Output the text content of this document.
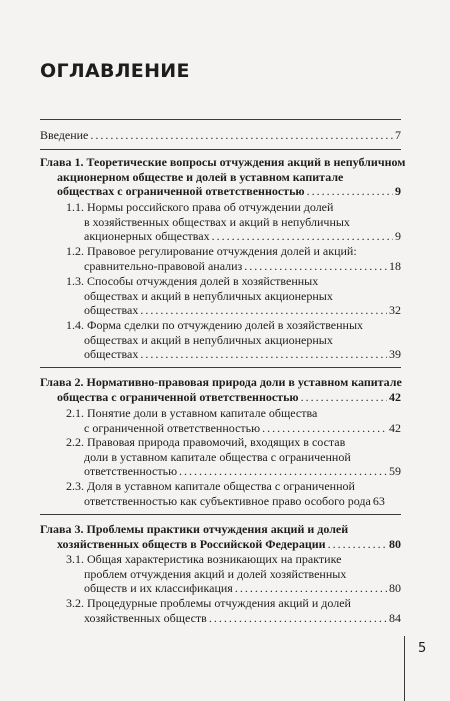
ОГЛАВЛЕНИЕ
Введение . . .	7
Глава 1. Теоретические вопросы отчуждения акций в непубличном
акционерном обществе и долей в уставном капитале
обществах с ограниченной ответственностью . . .	9
1.1. Нормы российского права об отчуждении долей
в хозяйственных обществах и акций в непубличных
акционерных обществах . . .	9
1.2. Правовое регулирование отчуждения долей и акций:
сравнительно-правовой анализ . . .	18
1.3. Способы отчуждения долей в хозяйственных
обществах и акций в непубличных акционерных
обществах . . .	32
1.4. Форма сделки по отчуждению долей в хозяйственных
обществах и акций в непубличных акционерных
обществах . . .	39
Глава 2. Нормативно-правовая природа доли в уставном капитале
общества с ограниченной ответственностью . . .	42
2.1. Понятие доли в уставном капитале общества
с ограниченной ответственностью . . .	42
2.2. Правовая природа правомочий, входящих в состав
доли в уставном капитале общества с ограниченной
ответственностью . . .	59
2.3. Доля в уставном капитале общества с ограниченной
ответственностью как субъективное право особого рода 63
Глава 3. Проблемы практики отчуждения акций и долей
хозяйственных обществ в Российской Федерации . . .	80
3.1. Общая характеристика возникающих на практике
проблем отчуждения акций и долей хозяйственных
обществ и их классификация . . .	80
3.2. Процедурные проблемы отчуждения акций и долей
хозяйственных обществ . . .	84
5
